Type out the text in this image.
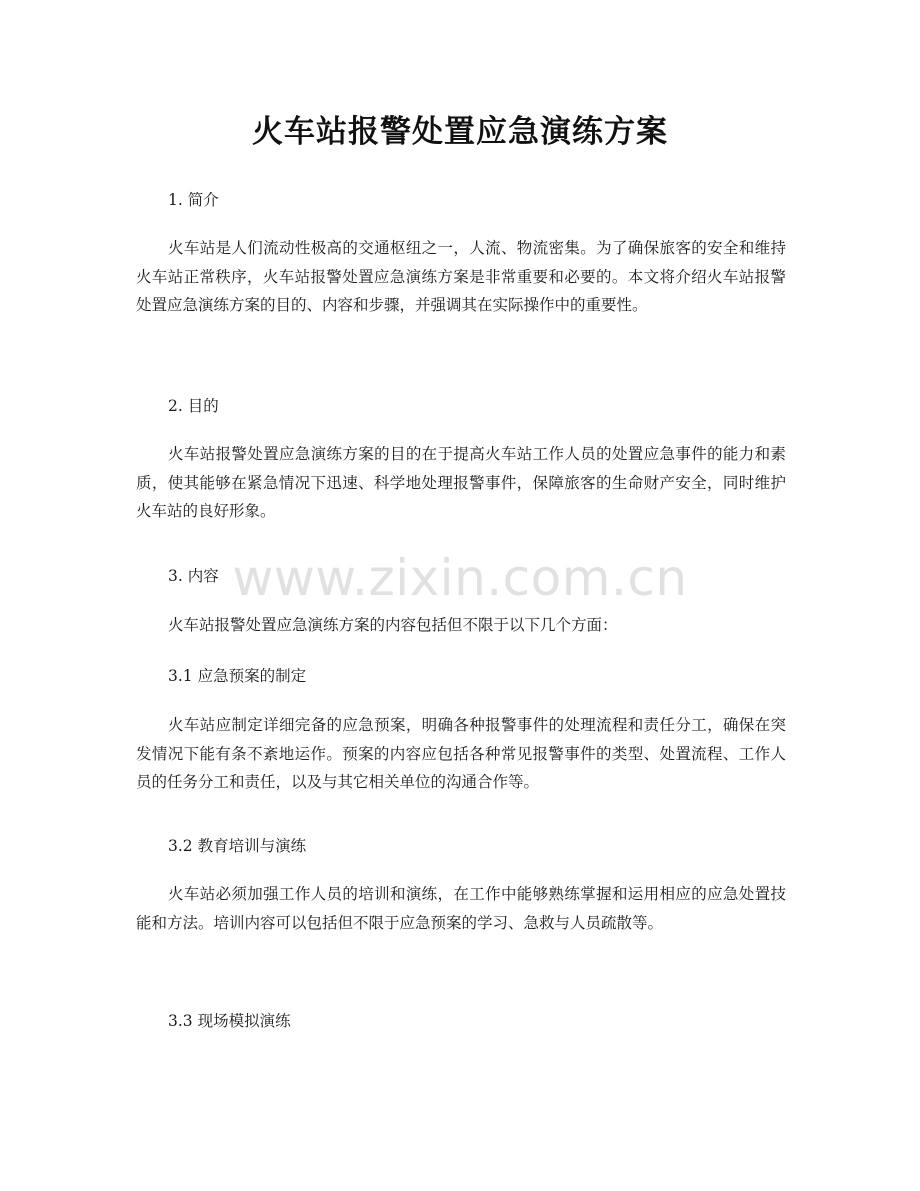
火车站报警处置应急演练方案
1. 简介
火车站是人们流动性极高的交通枢纽之一，人流、物流密集。为了确保旅客的安全和维持火车站正常秩序，火车站报警处置应急演练方案是非常重要和必要的。本文将介绍火车站报警处置应急演练方案的目的、内容和步骤，并强调其在实际操作中的重要性。
2. 目的
火车站报警处置应急演练方案的目的在于提高火车站工作人员的处置应急事件的能力和素质，使其能够在紧急情况下迅速、科学地处理报警事件，保障旅客的生命财产安全，同时维护火车站的良好形象。
3. 内容
火车站报警处置应急演练方案的内容包括但不限于以下几个方面：
3.1 应急预案的制定
火车站应制定详细完备的应急预案，明确各种报警事件的处理流程和责任分工，确保在突发情况下能有条不紊地运作。预案的内容应包括各种常见报警事件的类型、处置流程、工作人员的任务分工和责任，以及与其它相关单位的沟通合作等。
3.2 教育培训与演练
火车站必须加强工作人员的培训和演练，在工作中能够熟练掌握和运用相应的应急处置技能和方法。培训内容可以包括但不限于应急预案的学习、急救与人员疏散等。
3.3 现场模拟演练
www.zixin.com.cn
